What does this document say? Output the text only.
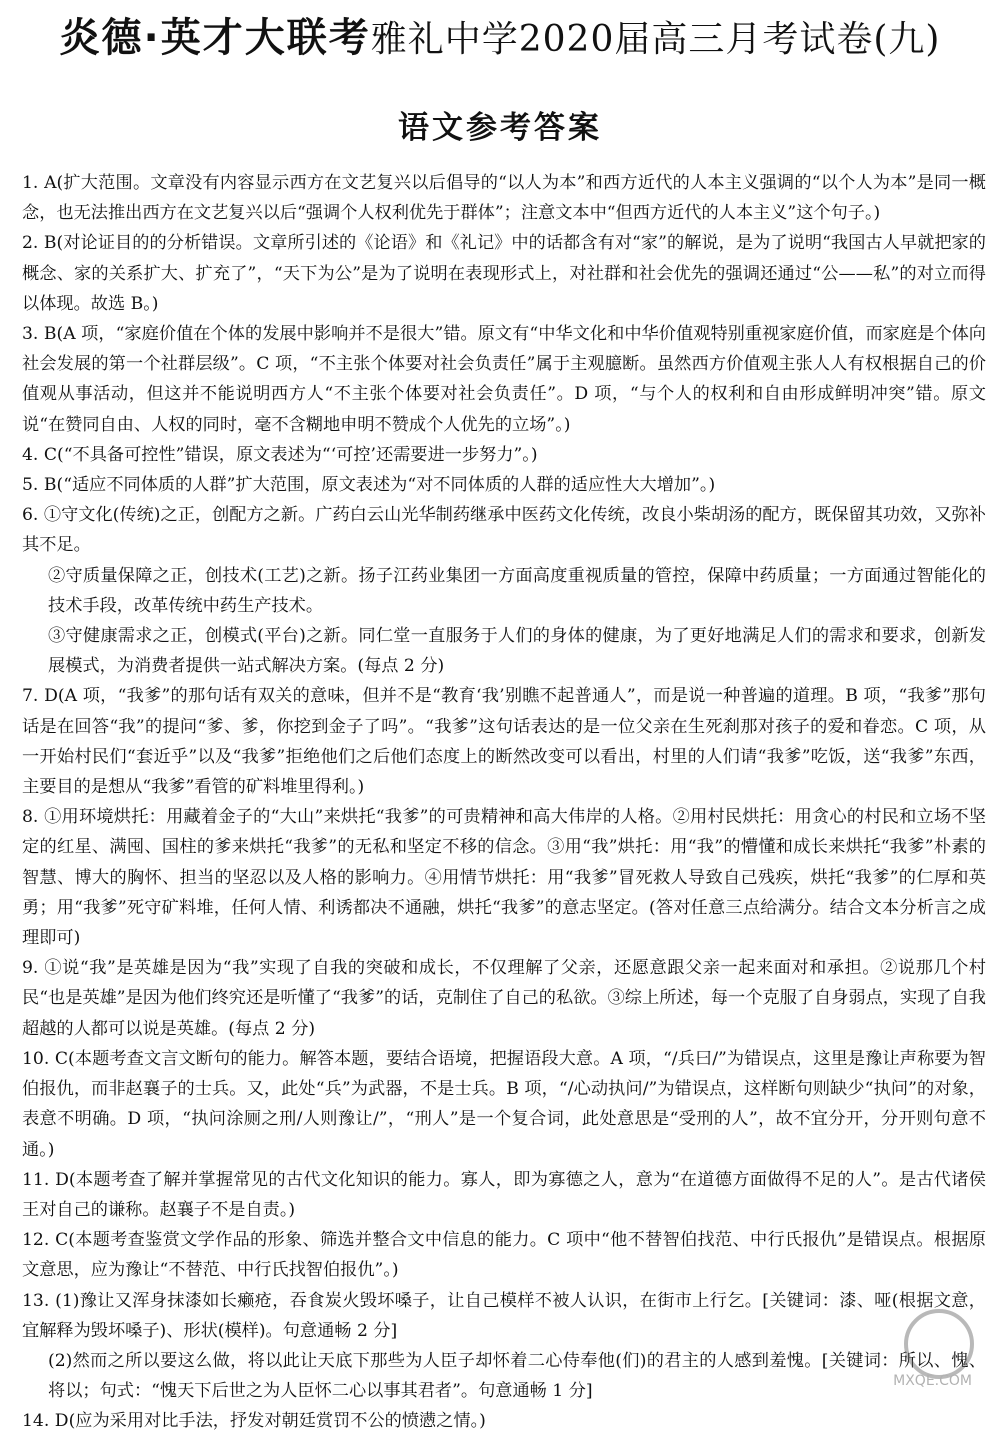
炎德·英才大联考雅礼中学2020届高三月考试卷(九)
语文参考答案
1. A(扩大范围。文章没有内容显示西方在文艺复兴以后倡导的“以人为本”和西方近代的人本主义强调的“以个人为本”是同一概念，也无法推出西方在文艺复兴以后“强调个人权利优先于群体”；注意文本中“但西方近代的人本主义”这个句子。)
2. B(对论证目的的分析错误。文章所引述的《论语》和《礼记》中的话都含有对“家”的解说，是为了说明“我国古人早就把家的概念、家的关系扩大、扩充了”，“天下为公”是为了说明在表现形式上，对社群和社会优先的强调还通过“公——私”的对立而得以体现。故选 B。)
3. B(A 项，“家庭价值在个体的发展中影响并不是很大”错。原文有“中华文化和中华价值观特别重视家庭价值，而家庭是个体向社会发展的第一个社群层级”。C 项，“不主张个体要对社会负责任”属于主观臆断。虽然西方价值观主张人人有权根据自己的价值观从事活动，但这并不能说明西方人“不主张个体要对社会负责任”。D 项，“与个人的权利和自由形成鲜明冲突”错。原文说“在赞同自由、人权的同时，毫不含糊地申明不赞成个人优先的立场”。)
4. C(“不具备可控性”错误，原文表述为“‘可控’还需要进一步努力”。)
5. B(“适应不同体质的人群”扩大范围，原文表述为“对不同体质的人群的适应性大大增加”。)
6. ①守文化(传统)之正，创配方之新。广药白云山光华制药继承中医药文化传统，改良小柴胡汤的配方，既保留其功效，又弥补其不足。
②守质量保障之正，创技术(工艺)之新。扬子江药业集团一方面高度重视质量的管控，保障中药质量；一方面通过智能化的技术手段，改革传统中药生产技术。
③守健康需求之正，创模式(平台)之新。同仁堂一直服务于人们的身体的健康，为了更好地满足人们的需求和要求，创新发展模式，为消费者提供一站式解决方案。(每点 2 分)
7. D(A 项，“我爹”的那句话有双关的意味，但并不是“教育‘我’别瞧不起普通人”，而是说一种普遍的道理。B 项，“我爹”那句话是在回答“我”的提问“爹、爹，你挖到金子了吗”。“我爹”这句话表达的是一位父亲在生死刹那对孩子的爱和眷恋。C 项，从一开始村民们“套近乎”以及“我爹”拒绝他们之后他们态度上的断然改变可以看出，村里的人们请“我爹”吃饭，送“我爹”东西，主要目的是想从“我爹”看管的矿料堆里得利。)
8. ①用环境烘托：用藏着金子的“大山”来烘托“我爹”的可贵精神和高大伟岸的人格。②用村民烘托：用贪心的村民和立场不坚定的红星、满囤、国柱的爹来烘托“我爹”的无私和坚定不移的信念。③用“我”烘托：用“我”的懵懂和成长来烘托“我爹”朴素的智慧、博大的胸怀、担当的坚忍以及人格的影响力。④用情节烘托：用“我爹”冒死救人导致自己残疾，烘托“我爹”的仁厚和英勇；用“我爹”死守矿料堆，任何人情、利诱都决不通融，烘托“我爹”的意志坚定。(答对任意三点给满分。结合文本分析言之成理即可)
9. ①说“我”是英雄是因为“我”实现了自我的突破和成长，不仅理解了父亲，还愿意跟父亲一起来面对和承担。②说那几个村民“也是英雄”是因为他们终究还是听懂了“我爹”的话，克制住了自己的私欲。③综上所述，每一个克服了自身弱点，实现了自我超越的人都可以说是英雄。(每点 2 分)
10. C(本题考查文言文断句的能力。解答本题，要结合语境，把握语段大意。A 项，“/兵曰/”为错误点，这里是豫让声称要为智伯报仇，而非赵襄子的士兵。又，此处“兵”为武器，不是士兵。B 项，“/心动执问/”为错误点，这样断句则缺少“执问”的对象，表意不明确。D 项，“执问涂厕之刑/人则豫让/”，“刑人”是一个复合词，此处意思是“受刑的人”，故不宜分开，分开则句意不通。)
11. D(本题考查了解并掌握常见的古代文化知识的能力。寡人，即为寡德之人，意为“在道德方面做得不足的人”。是古代诸侯王对自己的谦称。赵襄子不是自责。)
12. C(本题考查鉴赏文学作品的形象、筛选并整合文中信息的能力。C 项中“他不替智伯找范、中行氏报仇”是错误点。根据原文意思，应为豫让“不替范、中行氏找智伯报仇”。)
13. (1)豫让又浑身抹漆如长癞疮，吞食炭火毁坏嗓子，让自己模样不被人认识，在街市上行乞。[关键词：漆、哑(根据文意，宜解释为毁坏嗓子)、形状(模样)。句意通畅 2 分]
(2)然而之所以要这么做，将以此让天底下那些为人臣子却怀着二心侍奉他(们)的君主的人感到羞愧。[关键词：所以、愧、将以；句式：“愧天下后世之为人臣怀二心以事其君者”。句意通畅 1 分]
14. D(应为采用对比手法，抒发对朝廷赏罚不公的愤懑之情。)
MXQE.COM
